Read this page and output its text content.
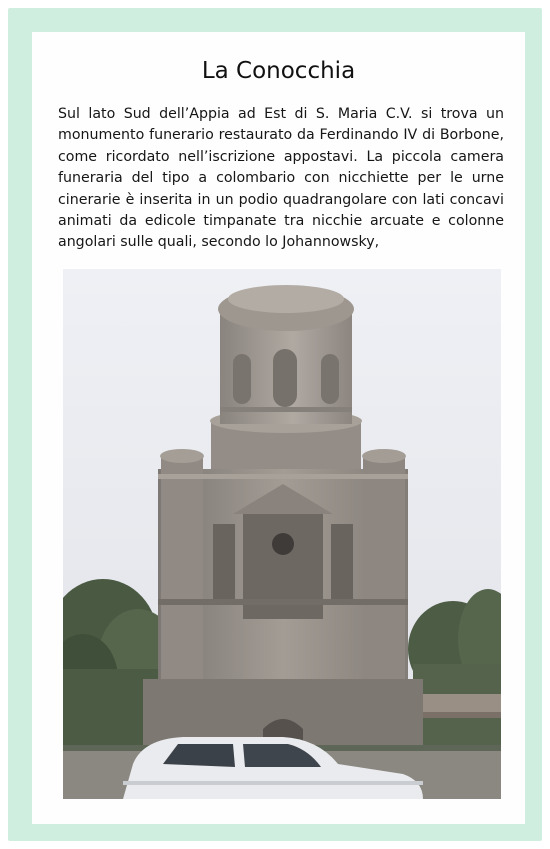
La Conocchia

Sul lato Sud dell’Appia ad Est di S. Maria C.V. si trova un monumento funerario restaurato da Ferdinando IV di Borbone, come ricordato nell’iscrizione appostavi. La piccola camera funeraria del tipo a colombario con nicchiette per le urne cinerarie è inserita in un podio quadrangolare con lati concavi animati da edicole timpanate tra nicchie arcuate e colonne angolari sulle quali, secondo lo Johannowsky,
